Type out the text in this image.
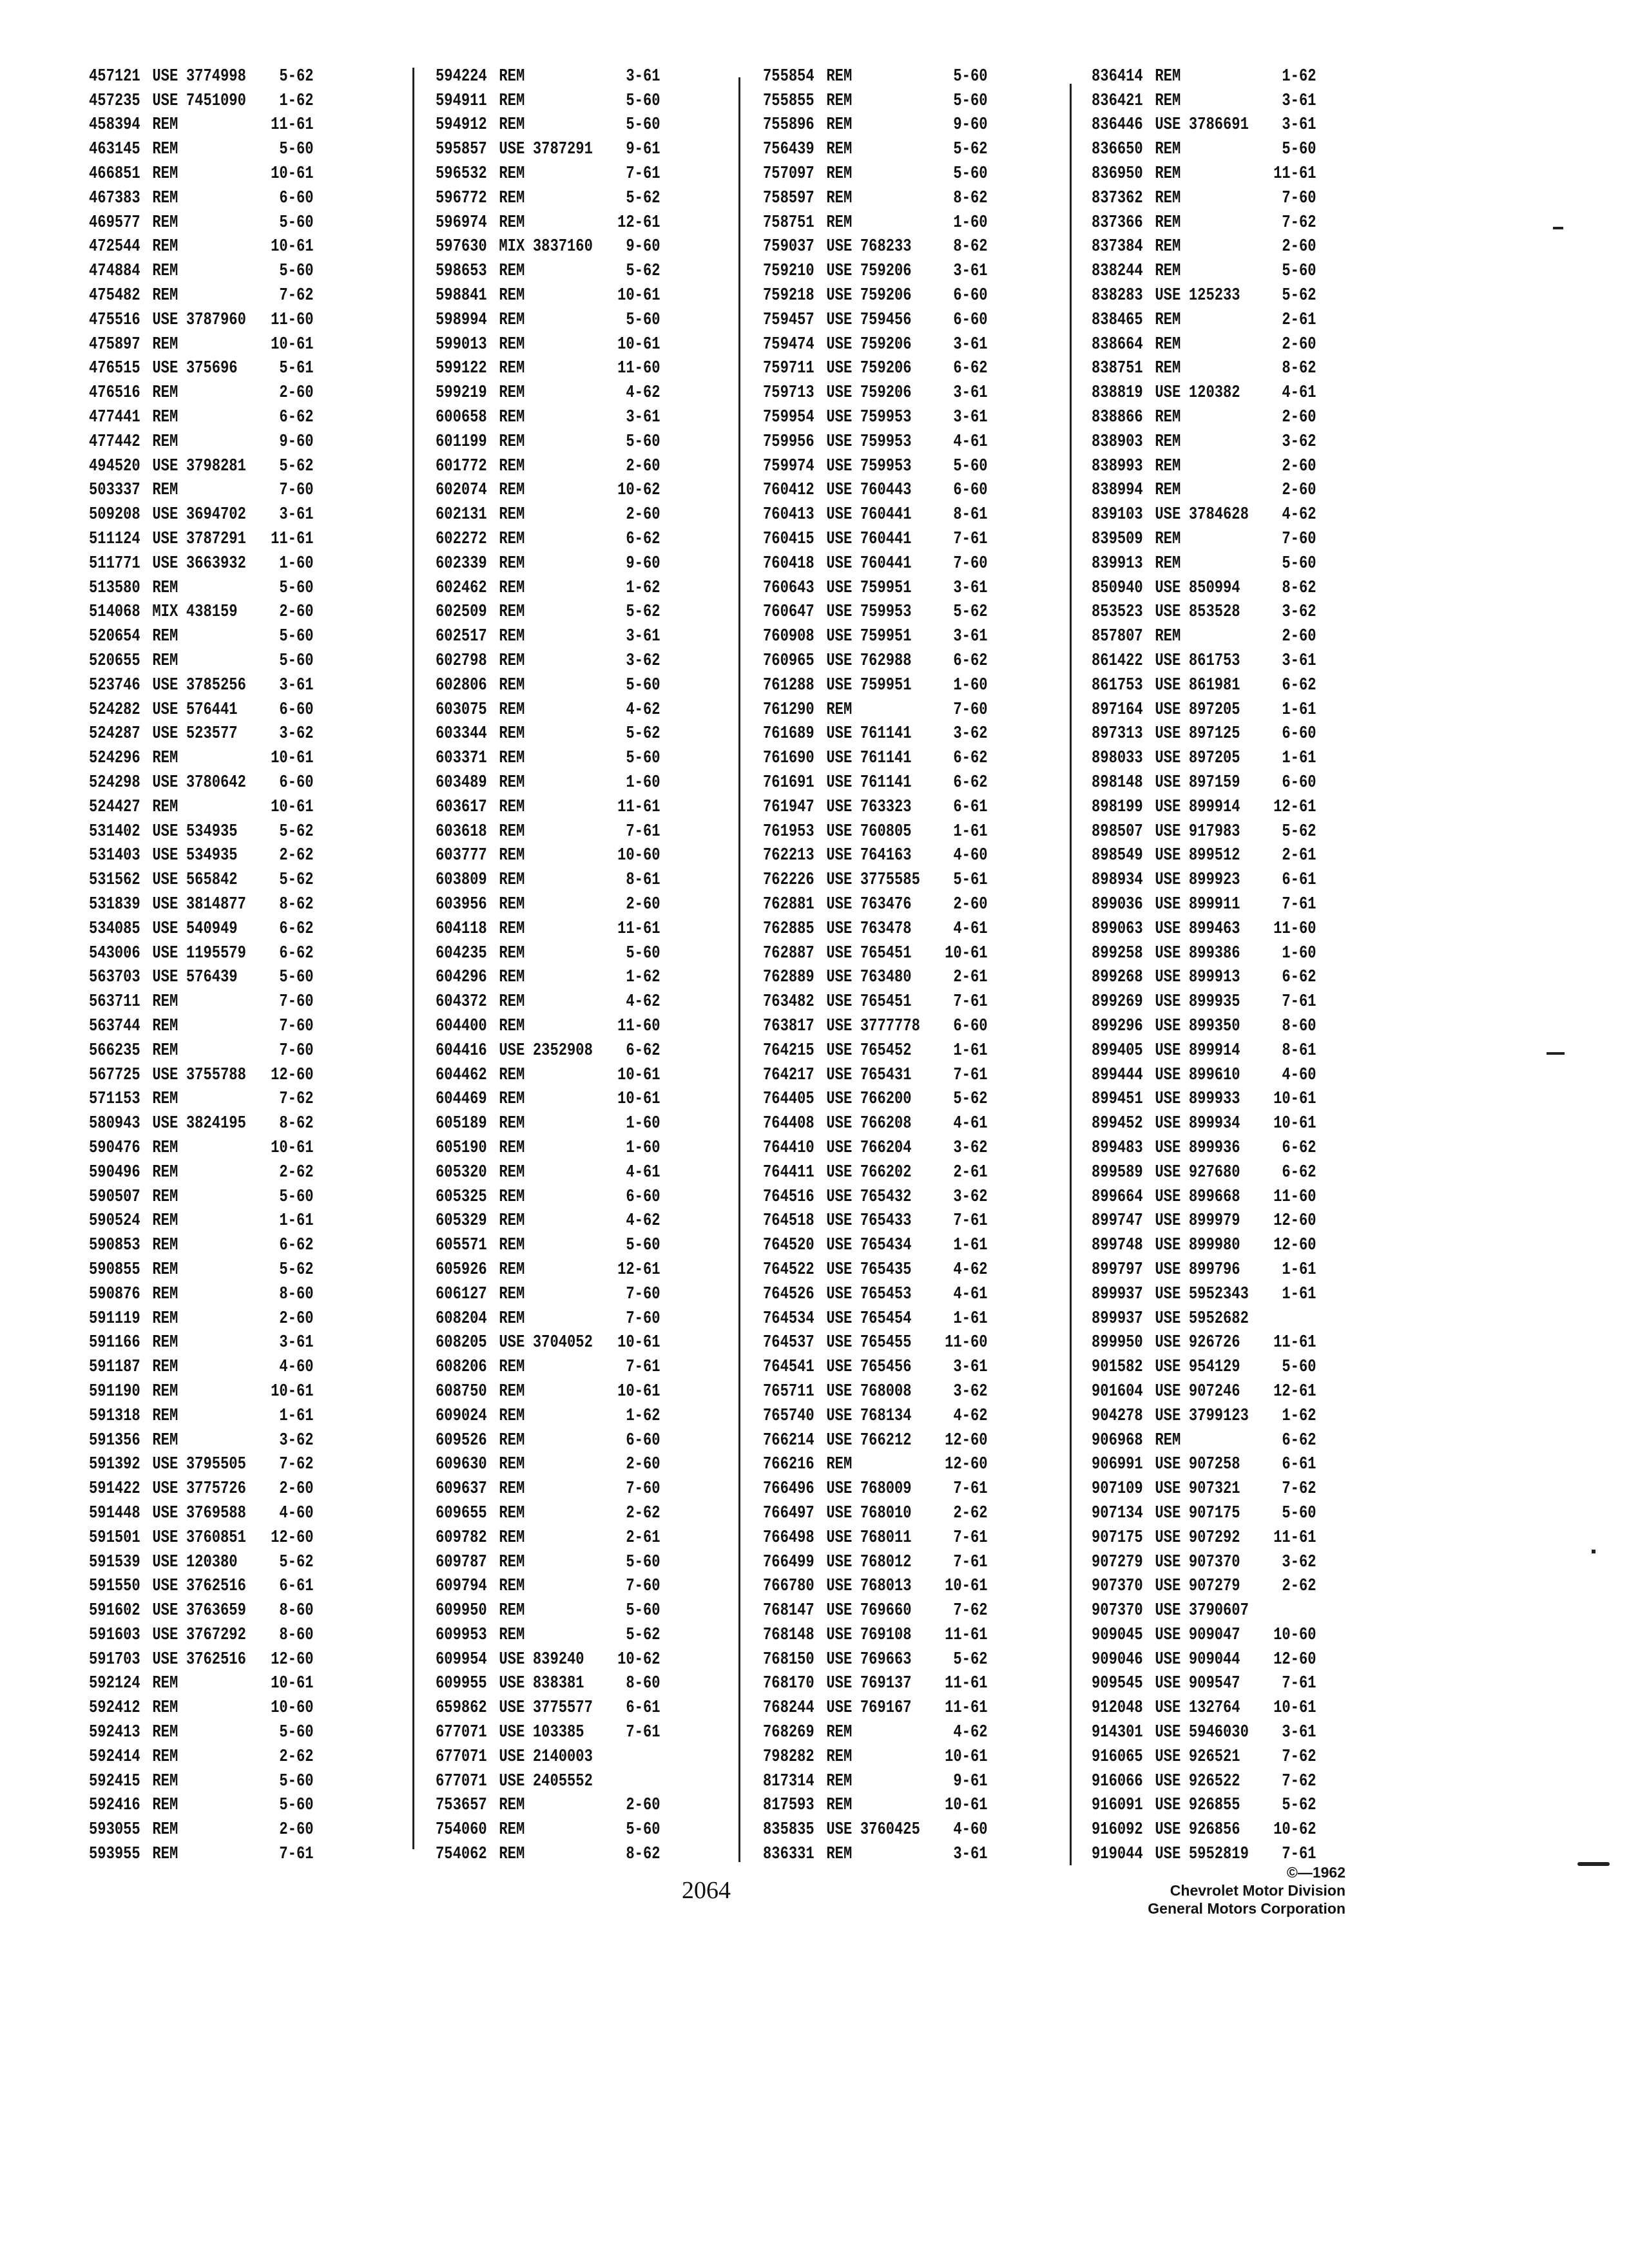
457121 USE 3774998	5-62
457235 USE 7451090	1-62
458394 REM	11-61
463145 REM	5-60
466851 REM	10-61
467383 REM	6-60
469577 REM	5-60
472544 REM	10-61
474884 REM	5-60
475482 REM	7-62
475516 USE 3787960	11-60
475897 REM	10-61
476515 USE 375696	5-61
476516 REM	2-60
477441 REM	6-62
477442 REM	9-60
494520 USE 3798281	5-62
503337 REM	7-60
509208 USE 3694702	3-61
511124 USE 3787291	11-61
511771 USE 3663932	1-60
513580 REM	5-60
514068 MIX 438159	2-60
520654 REM	5-60
520655 REM	5-60
523746 USE 3785256	3-61
524282 USE 576441	6-60
524287 USE 523577	3-62
524296 REM	10-61
524298 USE 3780642	6-60
524427 REM	10-61
531402 USE 534935	5-62
531403 USE 534935	2-62
531562 USE 565842	5-62
531839 USE 3814877	8-62
534085 USE 540949	6-62
543006 USE 1195579	6-62
563703 USE 576439	5-60
563711 REM	7-60
563744 REM	7-60
566235 REM	7-60
567725 USE 3755788	12-60
571153 REM	7-62
580943 USE 3824195	8-62
590476 REM	10-61
590496 REM	2-62
590507 REM	5-60
590524 REM	1-61
590853 REM	6-62
590855 REM	5-62
590876 REM	8-60
591119 REM	2-60
591166 REM	3-61
591187 REM	4-60
591190 REM	10-61
591318 REM	1-61
591356 REM	3-62
591392 USE 3795505	7-62
591422 USE 3775726	2-60
591448 USE 3769588	4-60
591501 USE 3760851	12-60
591539 USE 120380	5-62
591550 USE 3762516	6-61
591602 USE 3763659	8-60
591603 USE 3767292	8-60
591703 USE 3762516	12-60
592124 REM	10-61
592412 REM	10-60
592413 REM	5-60
592414 REM	2-62
592415 REM	5-60
592416 REM	5-60
593055 REM	2-60
593955 REM	7-61
594224 REM	3-61
594911 REM	5-60
594912 REM	5-60
595857 USE 3787291	9-61
596532 REM	7-61
596772 REM	5-62
596974 REM	12-61
597630 MIX 3837160	9-60
598653 REM	5-62
598841 REM	10-61
598994 REM	5-60
599013 REM	10-61
599122 REM	11-60
599219 REM	4-62
600658 REM	3-61
601199 REM	5-60
601772 REM	2-60
602074 REM	10-62
602131 REM	2-60
602272 REM	6-62
602339 REM	9-60
602462 REM	1-62
602509 REM	5-62
602517 REM	3-61
602798 REM	3-62
602806 REM	5-60
603075 REM	4-62
603344 REM	5-62
603371 REM	5-60
603489 REM	1-60
603617 REM	11-61
603618 REM	7-61
603777 REM	10-60
603809 REM	8-61
603956 REM	2-60
604118 REM	11-61
604235 REM	5-60
604296 REM	1-62
604372 REM	4-62
604400 REM	11-60
604416 USE 2352908	6-62
604462 REM	10-61
604469 REM	10-61
605189 REM	1-60
605190 REM	1-60
605320 REM	4-61
605325 REM	6-60
605329 REM	4-62
605571 REM	5-60
605926 REM	12-61
606127 REM	7-60
608204 REM	7-60
608205 USE 3704052	10-61
608206 REM	7-61
608750 REM	10-61
609024 REM	1-62
609526 REM	6-60
609630 REM	2-60
609637 REM	7-60
609655 REM	2-62
609782 REM	2-61
609787 REM	5-60
609794 REM	7-60
609950 REM	5-60
609953 REM	5-62
609954 USE 839240	10-62
609955 USE 838381	8-60
659862 USE 3775577	6-61
677071 USE 103385	7-61
677071 USE 2140003
677071 USE 2405552
753657 REM	2-60
754060 REM	5-60
754062 REM	8-62
755854 REM	5-60
755855 REM	5-60
755896 REM	9-60
756439 REM	5-62
757097 REM	5-60
758597 REM	8-62
758751 REM	1-60
759037 USE 768233	8-62
759210 USE 759206	3-61
759218 USE 759206	6-60
759457 USE 759456	6-60
759474 USE 759206	3-61
759711 USE 759206	6-62
759713 USE 759206	3-61
759954 USE 759953	3-61
759956 USE 759953	4-61
759974 USE 759953	5-60
760412 USE 760443	6-60
760413 USE 760441	8-61
760415 USE 760441	7-61
760418 USE 760441	7-60
760643 USE 759951	3-61
760647 USE 759953	5-62
760908 USE 759951	3-61
760965 USE 762988	6-62
761288 USE 759951	1-60
761290 REM	7-60
761689 USE 761141	3-62
761690 USE 761141	6-62
761691 USE 761141	6-62
761947 USE 763323	6-61
761953 USE 760805	1-61
762213 USE 764163	4-60
762226 USE 3775585	5-61
762881 USE 763476	2-60
762885 USE 763478	4-61
762887 USE 765451	10-61
762889 USE 763480	2-61
763482 USE 765451	7-61
763817 USE 3777778	6-60
764215 USE 765452	1-61
764217 USE 765431	7-61
764405 USE 766200	5-62
764408 USE 766208	4-61
764410 USE 766204	3-62
764411 USE 766202	2-61
764516 USE 765432	3-62
764518 USE 765433	7-61
764520 USE 765434	1-61
764522 USE 765435	4-62
764526 USE 765453	4-61
764534 USE 765454	1-61
764537 USE 765455	11-60
764541 USE 765456	3-61
765711 USE 768008	3-62
765740 USE 768134	4-62
766214 USE 766212	12-60
766216 REM	12-60
766496 USE 768009	7-61
766497 USE 768010	2-62
766498 USE 768011	7-61
766499 USE 768012	7-61
766780 USE 768013	10-61
768147 USE 769660	7-62
768148 USE 769108	11-61
768150 USE 769663	5-62
768170 USE 769137	11-61
768244 USE 769167	11-61
768269 REM	4-62
798282 REM	10-61
817314 REM	9-61
817593 REM	10-61
835835 USE 3760425	4-60
836331 REM	3-61
836414 REM	1-62
836421 REM	3-61
836446 USE 3786691	3-61
836650 REM	5-60
836950 REM	11-61
837362 REM	7-60
837366 REM	7-62
837384 REM	2-60
838244 REM	5-60
838283 USE 125233	5-62
838465 REM	2-61
838664 REM	2-60
838751 REM	8-62
838819 USE 120382	4-61
838866 REM	2-60
838903 REM	3-62
838993 REM	2-60
838994 REM	2-60
839103 USE 3784628	4-62
839509 REM	7-60
839913 REM	5-60
850940 USE 850994	8-62
853523 USE 853528	3-62
857807 REM	2-60
861422 USE 861753	3-61
861753 USE 861981	6-62
897164 USE 897205	1-61
897313 USE 897125	6-60
898033 USE 897205	1-61
898148 USE 897159	6-60
898199 USE 899914	12-61
898507 USE 917983	5-62
898549 USE 899512	2-61
898934 USE 899923	6-61
899036 USE 899911	7-61
899063 USE 899463	11-60
899258 USE 899386	1-60
899268 USE 899913	6-62
899269 USE 899935	7-61
899296 USE 899350	8-60
899405 USE 899914	8-61
899444 USE 899610	4-60
899451 USE 899933	10-61
899452 USE 899934	10-61
899483 USE 899936	6-62
899589 USE 927680	6-62
899664 USE 899668	11-60
899747 USE 899979	12-60
899748 USE 899980	12-60
899797 USE 899796	1-61
899937 USE 5952343	1-61
899937 USE 5952682
899950 USE 926726	11-61
901582 USE 954129	5-60
901604 USE 907246	12-61
904278 USE 3799123	1-62
906968 REM	6-62
906991 USE 907258	6-61
907109 USE 907321	7-62
907134 USE 907175	5-60
907175 USE 907292	11-61
907279 USE 907370	3-62
907370 USE 907279	2-62
907370 USE 3790607
909045 USE 909047	10-60
909046 USE 909044	12-60
909545 USE 909547	7-61
912048 USE 132764	10-61
914301 USE 5946030	3-61
916065 USE 926521	7-62
916066 USE 926522	7-62
916091 USE 926855	5-62
916092 USE 926856	10-62
919044 USE 5952819	7-61
2064
©—1962
Chevrolet Motor Division
General Motors Corporation
